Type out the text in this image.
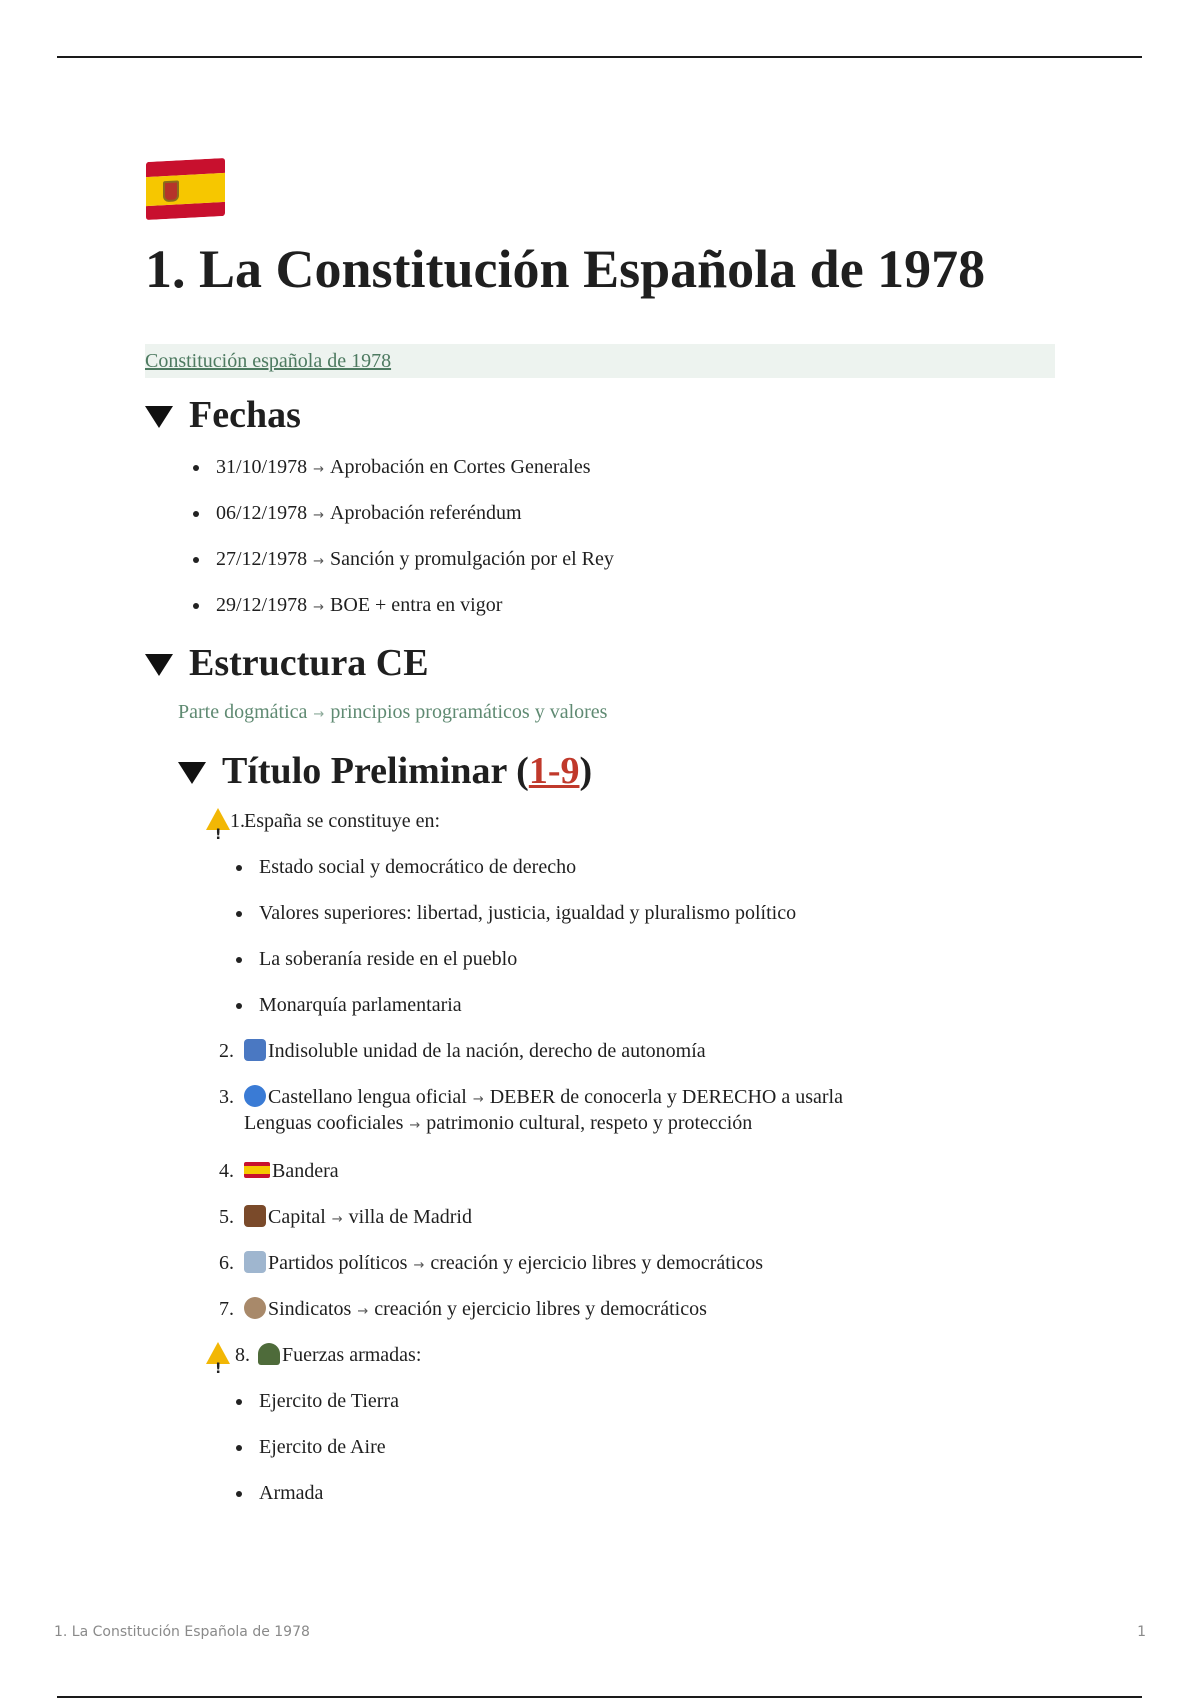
1. La Constitución Española de 1978
Constitución española de 1978
Fechas
31/10/1978 → Aprobación en Cortes Generales
06/12/1978 → Aprobación referéndum
27/12/1978 → Sanción y promulgación por el Rey
29/12/1978 → BOE + entra en vigor
Estructura CE
Parte dogmática → principios programáticos y valores
Título Preliminar (1-9)
!1. España se constituye en:
Estado social y democrático de derecho
Valores superiores: libertad, justicia, igualdad y pluralismo político
La soberanía reside en el pueblo
Monarquía parlamentaria
2. Indisoluble unidad de la nación, derecho de autonomía
3. Castellano lengua oficial → DEBER de conocerla y DERECHO a usarla
Lenguas cooficiales → patrimonio cultural, respeto y protección
4. Bandera
5. Capital → villa de Madrid
6. Partidos políticos → creación y ejercicio libres y democráticos
7. Sindicatos → creación y ejercicio libres y democráticos
! 8. Fuerzas armadas:
Ejercito de Tierra
Ejercito de Aire
Armada
1. La Constitución Española de 1978	1
